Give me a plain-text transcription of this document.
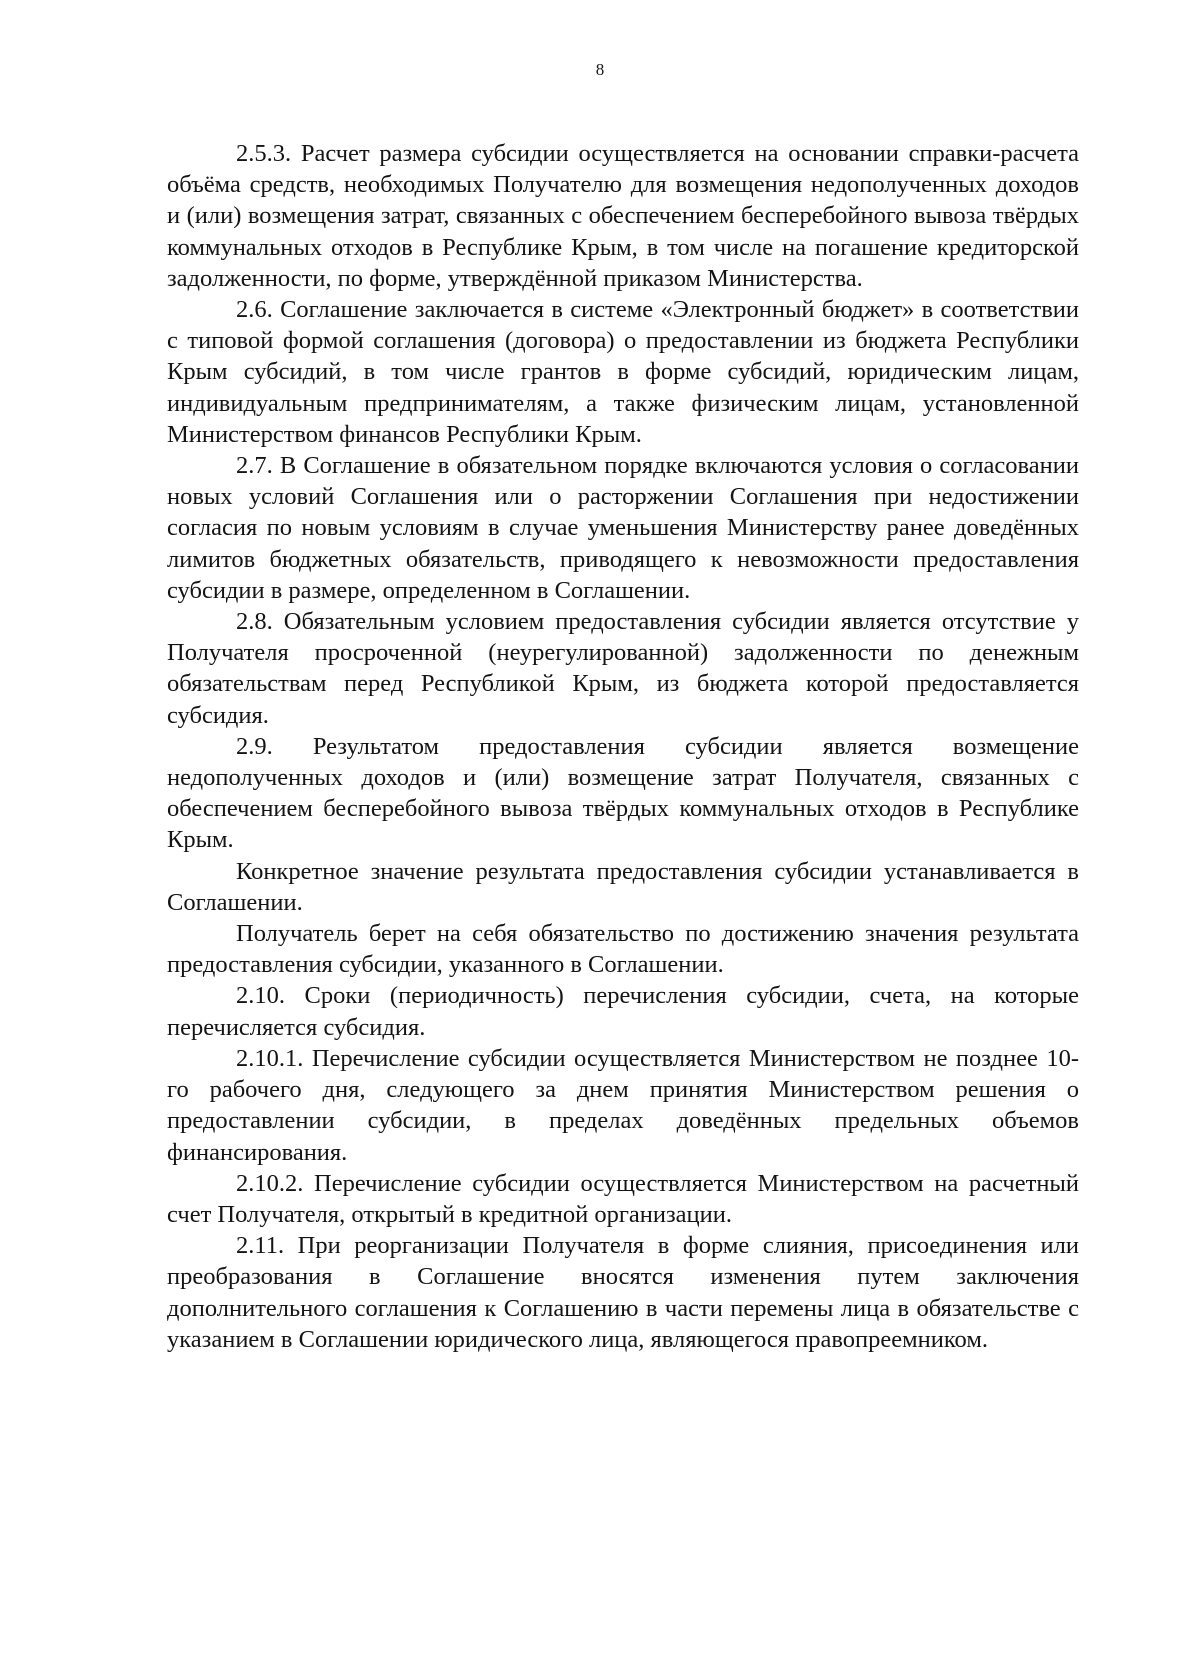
8

2.5.3. Расчет размера субсидии осуществляется на основании справки-расчета объёма средств, необходимых Получателю для возмещения недополученных доходов и (или) возмещения затрат, связанных с обеспечением бесперебойного вывоза твёрдых коммунальных отходов в Республике Крым, в том числе на погашение кредиторской задолженности, по форме, утверждённой приказом Министерства.

2.6. Соглашение заключается в системе «Электронный бюджет» в соответствии с типовой формой соглашения (договора) о предоставлении из бюджета Республики Крым субсидий, в том числе грантов в форме субсидий, юридическим лицам, индивидуальным предпринимателям, а также физическим лицам, установленной Министерством финансов Республики Крым.

2.7. В Соглашение в обязательном порядке включаются условия о согласовании новых условий Соглашения или о расторжении Соглашения при недостижении согласия по новым условиям в случае уменьшения Министерству ранее доведённых лимитов бюджетных обязательств, приводящего к невозможности предоставления субсидии в размере, определенном в Соглашении.

2.8. Обязательным условием предоставления субсидии является отсутствие у Получателя просроченной (неурегулированной) задолженности по денежным обязательствам перед Республикой Крым, из бюджета которой предоставляется субсидия.

2.9. Результатом предоставления субсидии является возмещение недополученных доходов и (или) возмещение затрат Получателя, связанных с обеспечением бесперебойного вывоза твёрдых коммунальных отходов в Республике Крым.

Конкретное значение результата предоставления субсидии устанавливается в Соглашении.

Получатель берет на себя обязательство по достижению значения результата предоставления субсидии, указанного в Соглашении.

2.10. Сроки (периодичность) перечисления субсидии, счета, на которые перечисляется субсидия.

2.10.1. Перечисление субсидии осуществляется Министерством не позднее 10-го рабочего дня, следующего за днем принятия Министерством решения о предоставлении субсидии, в пределах доведённых предельных объемов финансирования.

2.10.2. Перечисление субсидии осуществляется Министерством на расчетный счет Получателя, открытый в кредитной организации.

2.11. При реорганизации Получателя в форме слияния, присоединения или преобразования в Соглашение вносятся изменения путем заключения дополнительного соглашения к Соглашению в части перемены лица в обязательстве с указанием в Соглашении юридического лица, являющегося правопреемником.
